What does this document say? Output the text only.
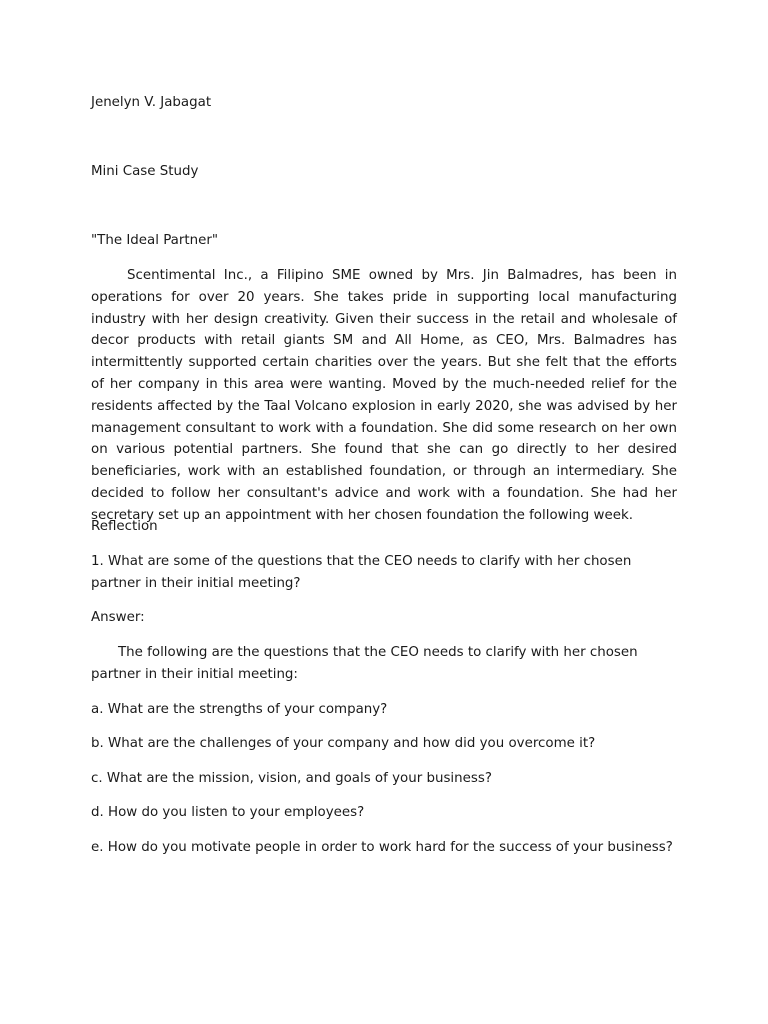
Jenelyn V. Jabagat
Mini Case Study
"The Ideal Partner"
Scentimental Inc., a Filipino SME owned by Mrs. Jin Balmadres, has been in operations for over 20 years. She takes pride in supporting local manufacturing industry with her design creativity. Given their success in the retail and wholesale of decor products with retail giants SM and All Home, as CEO, Mrs. Balmadres has intermittently supported certain charities over the years. But she felt that the efforts of her company in this area were wanting. Moved by the much-needed relief for the residents affected by the Taal Volcano explosion in early 2020, she was advised by her management consultant to work with a foundation. She did some research on her own on various potential partners. She found that she can go directly to her desired beneficiaries, work with an established foundation, or through an intermediary. She decided to follow her consultant's advice and work with a foundation. She had her secretary set up an appointment with her chosen foundation the following week.
Reflection
1. What are some of the questions that the CEO needs to clarify with her chosen partner in their initial meeting?
Answer:
The following are the questions that the CEO needs to clarify with her chosen partner in their initial meeting:
a. What are the strengths of your company?
b. What are the challenges of your company and how did you overcome it?
c. What are the mission, vision, and goals of your business?
d. How do you listen to your employees?
e. How do you motivate people in order to work hard for the success of your business?
